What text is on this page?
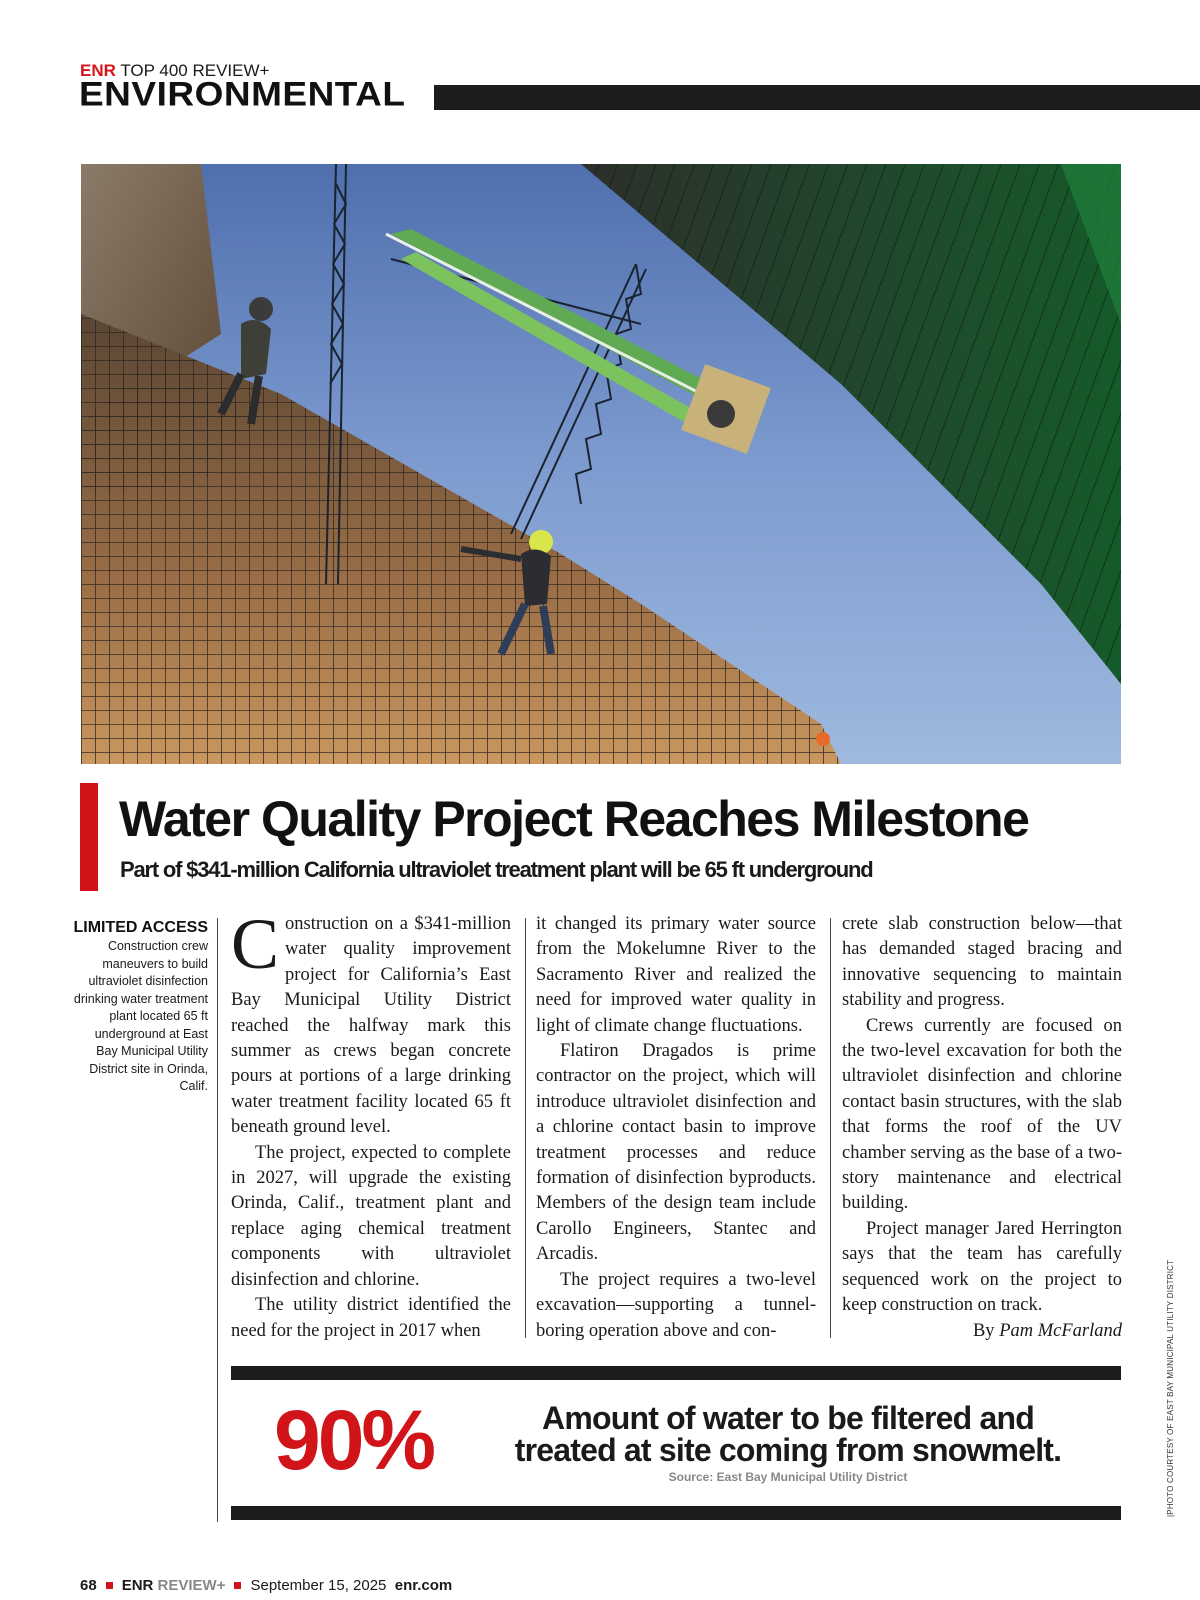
ENR TOP 400 REVIEW+
ENVIRONMENTAL
Water Quality Project Reaches Milestone
Part of $341-million California ultraviolet treatment plant will be 65 ft underground
LIMITED ACCESS
Construction crew maneuvers to build ultraviolet disinfection drinking water treatment plant located 65 ft underground at East Bay Municipal Utility District site in Orinda, Calif.

Construction on a $341-million water quality improvement project for California’s East Bay Municipal Utility District reached the halfway mark this summer as crews began concrete pours at portions of a large drinking water treatment facility located 65 ft beneath ground level.

The project, expected to complete in 2027, will upgrade the existing Orinda, Calif., treatment plant and replace aging chemical treatment components with ultraviolet disinfection and chlorine.

The utility district identified the need for the project in 2017 when

it changed its primary water source from the Mokelumne River to the Sacramento River and realized the need for improved water quality in light of climate change fluctuations.

Flatiron Dragados is prime contractor on the project, which will introduce ultraviolet disinfection and a chlorine contact basin to improve treatment processes and reduce formation of disinfection byproducts. Members of the design team include Carollo Engineers, Stantec and Arcadis.

The project requires a two-level excavation—supporting a tunnel-boring operation above and con-

crete slab construction below—that has demanded staged bracing and innovative sequencing to maintain stability and progress.

Crews currently are focused on the two-level excavation for both the ultraviolet disinfection and chlorine contact basin structures, with the slab that forms the roof of the UV chamber serving as the base of a two-story maintenance and electrical building.

Project manager Jared Herrington says that the team has carefully sequenced work on the project to keep construction on track.

By Pam McFarland

90%	Amount of water to be filtered and treated at site coming from snowmelt.
Source: East Bay Municipal Utility District	|PHOTO COURTESY OF EAST BAY MUNICIPAL UTILITY DISTRICT
68 ENR REVIEW+ September 15, 2025 enr.com
